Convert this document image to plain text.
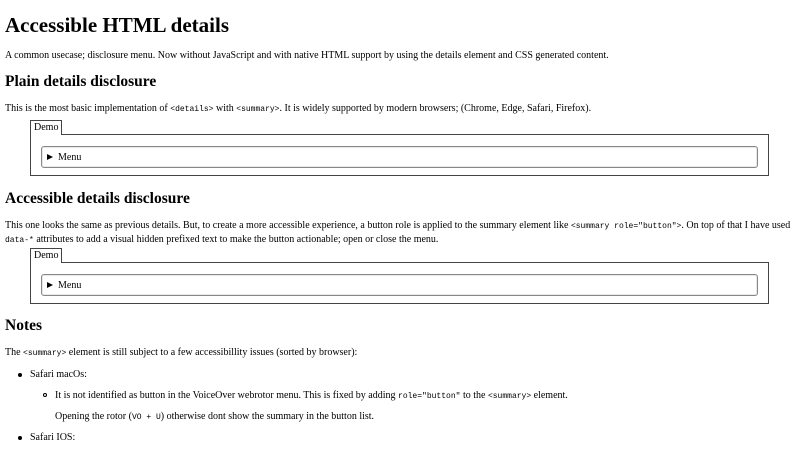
Accessible HTML details

A common usecase; disclosure menu. Now without JavaScript and with native HTML support by using the details element and CSS generated content.

Plain details disclosure

This is the most basic implementation of <details> with <summary>. It is widely supported by modern browsers; (Chrome, Edge, Safari, Firefox).

Demo
Menu
Accessible details disclosure

This one looks the same as previous details. But, to create a more accessible experience, a button role is applied to the summary element like <summary role="button">. On top of that I have used data-* attributes to add a visual hidden prefixed text to make the button actionable; open or close the menu.

Demo
Menu
Notes

The <summary> element is still subject to a few accessibillity issues (sorted by browser):

Safari macOs:
It is not identified as button in the VoiceOver webrotor menu. This is fixed by adding role="button" to the <summary> element.
Opening the rotor (VO + U) otherwise dont show the summary in the button list.
Safari IOS:
